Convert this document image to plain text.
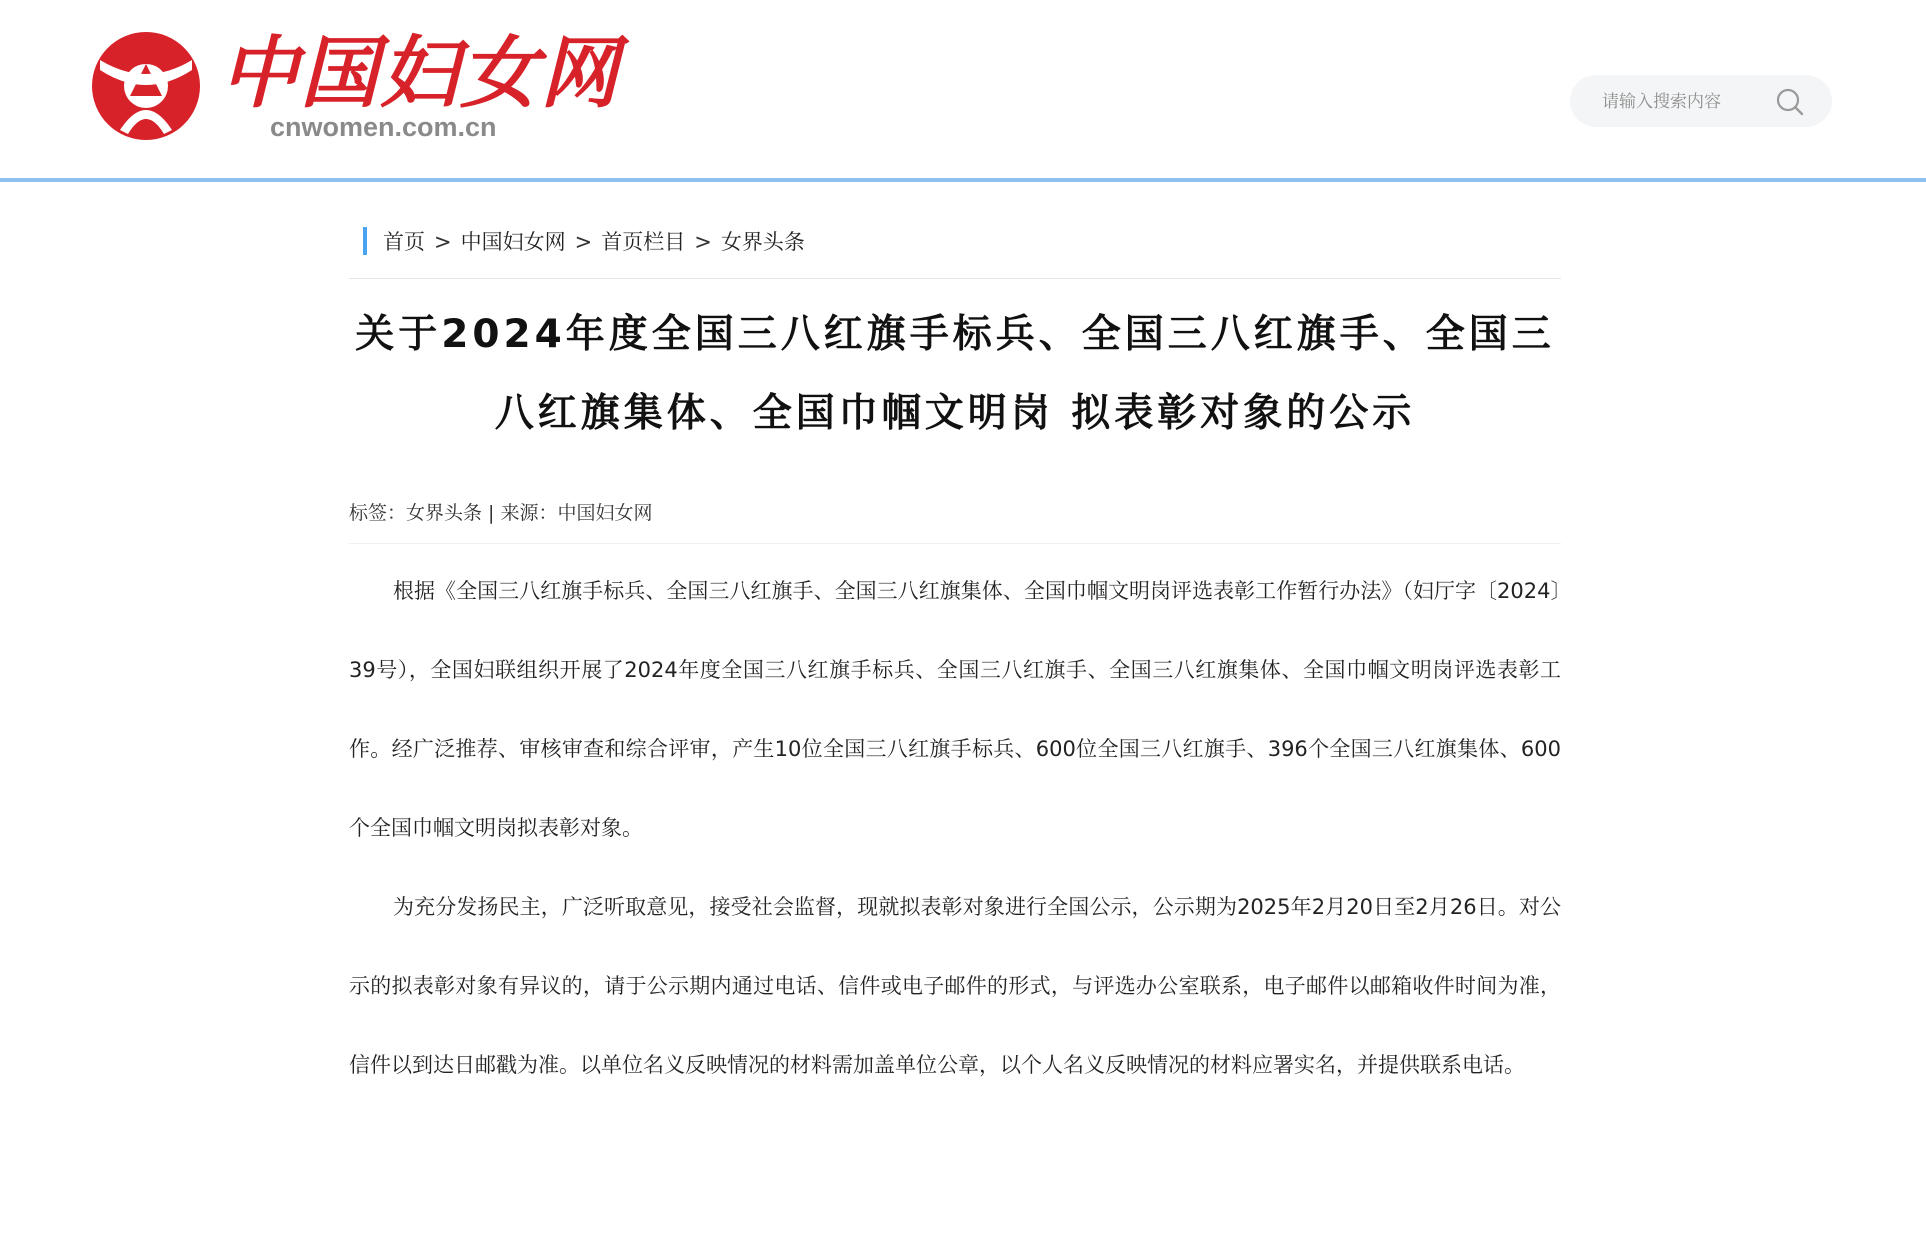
中国妇女网
cnwomen.com.cn
请输入搜索内容
首页 > 中国妇女网 > 首页栏目 > 女界头条
关于2024年度全国三八红旗手标兵、全国三八红旗手、全国三
八红旗集体、全国巾帼文明岗 拟表彰对象的公示
标签：女界头条 | 来源：中国妇女网

根据《全国三八红旗手标兵、全国三八红旗手、全国三八红旗集体、全国巾帼文明岗评选表彰工作暂行办法》（妇厅字〔2024〕39号），全国妇联组织开展了2024年度全国三八红旗手标兵、全国三八红旗手、全国三八红旗集体、全国巾帼文明岗评选表彰工作。经广泛推荐、审核审查和综合评审，产生10位全国三八红旗手标兵、600位全国三八红旗手、396个全国三八红旗集体、600个全国巾帼文明岗拟表彰对象。

为充分发扬民主，广泛听取意见，接受社会监督，现就拟表彰对象进行全国公示，公示期为2025年2月20日至2月26日。对公示的拟表彰对象有异议的，请于公示期内通过电话、信件或电子邮件的形式，与评选办公室联系，电子邮件以邮箱收件时间为准，信件以到达日邮戳为准。以单位名义反映情况的材料需加盖单位公章，以个人名义反映情况的材料应署实名，并提供联系电话。
